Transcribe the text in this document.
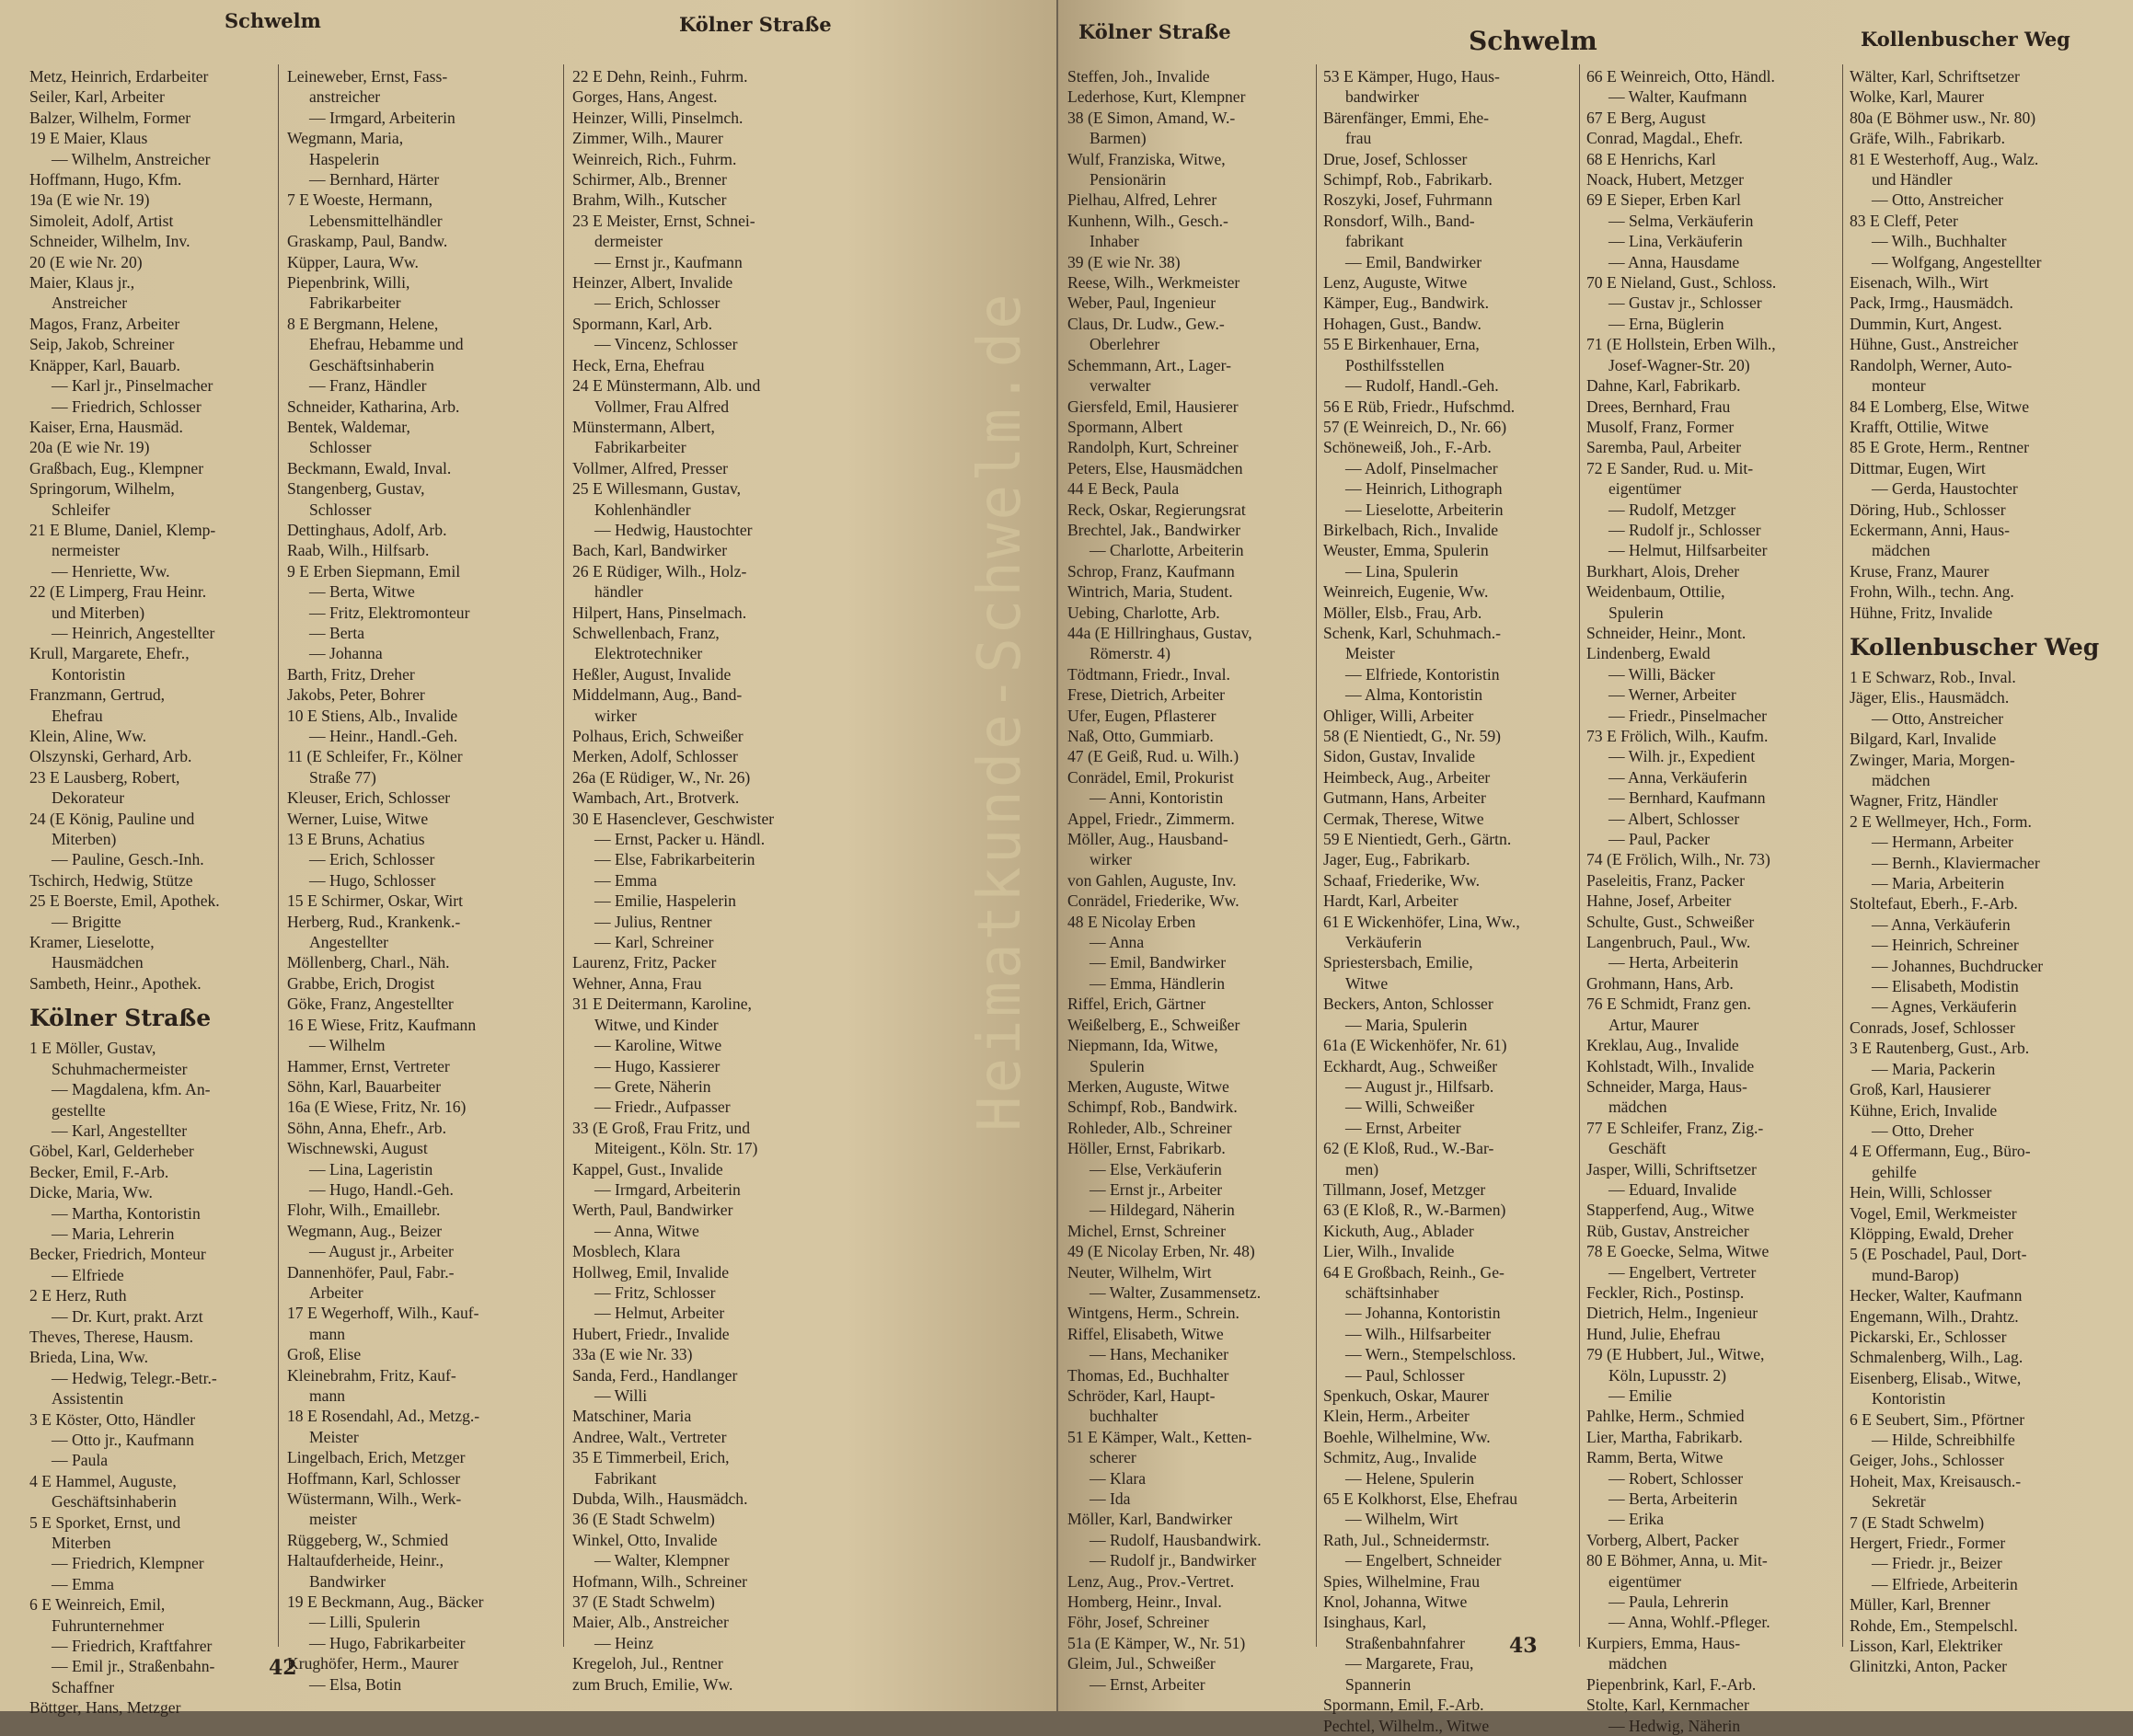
Schwelm	Kölner Straße
Metz, Heinrich, Erdarbeiter
Seiler, Karl, Arbeiter
Balzer, Wilhelm, Former
19 E Maier, Klaus
— Wilhelm, Anstreicher
Hoffmann, Hugo, Kfm.
19a (E wie Nr. 19)
Simoleit, Adolf, Artist
Schneider, Wilhelm, Inv.
20 (E wie Nr. 20)
Maier, Klaus jr.,
Anstreicher
Magos, Franz, Arbeiter
Seip, Jakob, Schreiner
Knäpper, Karl, Bauarb.
— Karl jr., Pinselmacher
— Friedrich, Schlosser
Kaiser, Erna, Hausmäd.
20a (E wie Nr. 19)
Graßbach, Eug., Klempner
Springorum, Wilhelm,
Schleifer
21 E Blume, Daniel, Klemp-
nermeister
— Henriette, Ww.
22 (E Limperg, Frau Heinr.
und Miterben)
— Heinrich, Angestellter
Krull, Margarete, Ehefr.,
Kontoristin
Franzmann, Gertrud,
Ehefrau
Klein, Aline, Ww.
Olszynski, Gerhard, Arb.
23 E Lausberg, Robert,
Dekorateur
24 (E König, Pauline und
Miterben)
— Pauline, Gesch.-Inh.
Tschirch, Hedwig, Stütze
25 E Boerste, Emil, Apothek.
— Brigitte
Kramer, Lieselotte,
Hausmädchen
Sambeth, Heinr., Apothek.
Kölner Straße
1 E Möller, Gustav,
Schuhmachermeister
— Magdalena, kfm. An-
gestellte
— Karl, Angestellter
Göbel, Karl, Gelderheber
Becker, Emil, F.-Arb.
Dicke, Maria, Ww.
— Martha, Kontoristin
— Maria, Lehrerin
Becker, Friedrich, Monteur
— Elfriede
2 E Herz, Ruth
— Dr. Kurt, prakt. Arzt
Theves, Therese, Hausm.
Brieda, Lina, Ww.
— Hedwig, Telegr.-Betr.-
Assistentin
3 E Köster, Otto, Händler
— Otto jr., Kaufmann
— Paula
4 E Hammel, Auguste,
Geschäftsinhaberin
5 E Sporket, Ernst, und
Miterben
— Friedrich, Klempner
— Emma
6 E Weinreich, Emil,
Fuhrunternehmer
— Friedrich, Kraftfahrer
— Emil jr., Straßenbahn-
Schaffner
Böttger, Hans, Metzger
Leineweber, Ernst, Fass-
anstreicher
— Irmgard, Arbeiterin
Wegmann, Maria,
Haspelerin
— Bernhard, Härter
7 E Woeste, Hermann,
Lebensmittelhändler
Graskamp, Paul, Bandw.
Küpper, Laura, Ww.
Piepenbrink, Willi,
Fabrikarbeiter
8 E Bergmann, Helene,
Ehefrau, Hebamme und
Geschäftsinhaberin
— Franz, Händler
Schneider, Katharina, Arb.
Bentek, Waldemar,
Schlosser
Beckmann, Ewald, Inval.
Stangenberg, Gustav,
Schlosser
Dettinghaus, Adolf, Arb.
Raab, Wilh., Hilfsarb.
9 E Erben Siepmann, Emil
— Berta, Witwe
— Fritz, Elektromonteur
— Berta
— Johanna
Barth, Fritz, Dreher
Jakobs, Peter, Bohrer
10 E Stiens, Alb., Invalide
— Heinr., Handl.-Geh.
11 (E Schleifer, Fr., Kölner
Straße 77)
Kleuser, Erich, Schlosser
Werner, Luise, Witwe
13 E Bruns, Achatius
— Erich, Schlosser
— Hugo, Schlosser
15 E Schirmer, Oskar, Wirt
Herberg, Rud., Krankenk.-
Angestellter
Möllenberg, Charl., Näh.
Grabbe, Erich, Drogist
Göke, Franz, Angestellter
16 E Wiese, Fritz, Kaufmann
— Wilhelm
Hammer, Ernst, Vertreter
Söhn, Karl, Bauarbeiter
16a (E Wiese, Fritz, Nr. 16)
Söhn, Anna, Ehefr., Arb.
Wischnewski, August
— Lina, Lageristin
— Hugo, Handl.-Geh.
Flohr, Wilh., Emaillebr.
Wegmann, Aug., Beizer
— August jr., Arbeiter
Dannenhöfer, Paul, Fabr.-
Arbeiter
17 E Wegerhoff, Wilh., Kauf-
mann
Groß, Elise
Kleinebrahm, Fritz, Kauf-
mann
18 E Rosendahl, Ad., Metzg.-
Meister
Lingelbach, Erich, Metzger
Hoffmann, Karl, Schlosser
Wüstermann, Wilh., Werk-
meister
Rüggeberg, W., Schmied
Haltaufderheide, Heinr.,
Bandwirker
19 E Beckmann, Aug., Bäcker
— Lilli, Spulerin
— Hugo, Fabrikarbeiter
Krughöfer, Herm., Maurer
— Elsa, Botin
22 E Dehn, Reinh., Fuhrm.
Gorges, Hans, Angest.
Heinzer, Willi, Pinselmch.
Zimmer, Wilh., Maurer
Weinreich, Rich., Fuhrm.
Schirmer, Alb., Brenner
Brahm, Wilh., Kutscher
23 E Meister, Ernst, Schnei-
dermeister
— Ernst jr., Kaufmann
Heinzer, Albert, Invalide
— Erich, Schlosser
Spormann, Karl, Arb.
— Vincenz, Schlosser
Heck, Erna, Ehefrau
24 E Münstermann, Alb. und
Vollmer, Frau Alfred
Münstermann, Albert,
Fabrikarbeiter
Vollmer, Alfred, Presser
25 E Willesmann, Gustav,
Kohlenhändler
— Hedwig, Haustochter
Bach, Karl, Bandwirker
26 E Rüdiger, Wilh., Holz-
händler
Hilpert, Hans, Pinselmach.
Schwellenbach, Franz,
Elektrotechniker
Heßler, August, Invalide
Middelmann, Aug., Band-
wirker
Polhaus, Erich, Schweißer
Merken, Adolf, Schlosser
26a (E Rüdiger, W., Nr. 26)
Wambach, Art., Brotverk.
30 E Hasenclever, Geschwister
— Ernst, Packer u. Händl.
— Else, Fabrikarbeiterin
— Emma
— Emilie, Haspelerin
— Julius, Rentner
— Karl, Schreiner
Laurenz, Fritz, Packer
Wehner, Anna, Frau
31 E Deitermann, Karoline,
Witwe, und Kinder
— Karoline, Witwe
— Hugo, Kassierer
— Grete, Näherin
— Friedr., Aufpasser
33 (E Groß, Frau Fritz, und
Miteigent., Köln. Str. 17)
Kappel, Gust., Invalide
— Irmgard, Arbeiterin
Werth, Paul, Bandwirker
— Anna, Witwe
Mosblech, Klara
Hollweg, Emil, Invalide
— Fritz, Schlosser
— Helmut, Arbeiter
Hubert, Friedr., Invalide
33a (E wie Nr. 33)
Sanda, Ferd., Handlanger
— Willi
Matschiner, Maria
Andree, Walt., Vertreter
35 E Timmerbeil, Erich,
Fabrikant
Dubda, Wilh., Hausmädch.
36 (E Stadt Schwelm)
Winkel, Otto, Invalide
— Walter, Klempner
Hofmann, Wilh., Schreiner
37 (E Stadt Schwelm)
Maier, Alb., Anstreicher
— Heinz
Kregeloh, Jul., Rentner
zum Bruch, Emilie, Ww.
42
Kölner Straße	Schwelm	Kollenbuscher Weg
Steffen, Joh., Invalide
Lederhose, Kurt, Klempner
38 (E Simon, Amand, W.-
Barmen)
Wulf, Franziska, Witwe,
Pensionärin
Pielhau, Alfred, Lehrer
Kunhenn, Wilh., Gesch.-
Inhaber
39 (E wie Nr. 38)
Reese, Wilh., Werkmeister
Weber, Paul, Ingenieur
Claus, Dr. Ludw., Gew.-
Oberlehrer
Schemmann, Art., Lager-
verwalter
Giersfeld, Emil, Hausierer
Spormann, Albert
Randolph, Kurt, Schreiner
Peters, Else, Hausmädchen
44 E Beck, Paula
Reck, Oskar, Regierungsrat
Brechtel, Jak., Bandwirker
— Charlotte, Arbeiterin
Schrop, Franz, Kaufmann
Wintrich, Maria, Student.
Uebing, Charlotte, Arb.
44a (E Hillringhaus, Gustav,
Römerstr. 4)
Tödtmann, Friedr., Inval.
Frese, Dietrich, Arbeiter
Ufer, Eugen, Pflasterer
Naß, Otto, Gummiarb.
47 (E Geiß, Rud. u. Wilh.)
Conrädel, Emil, Prokurist
— Anni, Kontoristin
Appel, Friedr., Zimmerm.
Möller, Aug., Hausband-
wirker
von Gahlen, Auguste, Inv.
Conrädel, Friederike, Ww.
48 E Nicolay Erben
— Anna
— Emil, Bandwirker
— Emma, Händlerin
Riffel, Erich, Gärtner
Weißelberg, E., Schweißer
Niepmann, Ida, Witwe,
Spulerin
Merken, Auguste, Witwe
Schimpf, Rob., Bandwirk.
Rohleder, Alb., Schreiner
Höller, Ernst, Fabrikarb.
— Else, Verkäuferin
— Ernst jr., Arbeiter
— Hildegard, Näherin
Michel, Ernst, Schreiner
49 (E Nicolay Erben, Nr. 48)
Neuter, Wilhelm, Wirt
— Walter, Zusammensetz.
Wintgens, Herm., Schrein.
Riffel, Elisabeth, Witwe
— Hans, Mechaniker
Thomas, Ed., Buchhalter
Schröder, Karl, Haupt-
buchhalter
51 E Kämper, Walt., Ketten-
scherer
— Klara
— Ida
Möller, Karl, Bandwirker
— Rudolf, Hausbandwirk.
— Rudolf jr., Bandwirker
Lenz, Aug., Prov.-Vertret.
Homberg, Heinr., Inval.
Föhr, Josef, Schreiner
51a (E Kämper, W., Nr. 51)
Gleim, Jul., Schweißer
— Ernst, Arbeiter
53 E Kämper, Hugo, Haus-
bandwirker
Bärenfänger, Emmi, Ehe-
frau
Drue, Josef, Schlosser
Schimpf, Rob., Fabrikarb.
Roszyki, Josef, Fuhrmann
Ronsdorf, Wilh., Band-
fabrikant
— Emil, Bandwirker
Lenz, Auguste, Witwe
Kämper, Eug., Bandwirk.
Hohagen, Gust., Bandw.
55 E Birkenhauer, Erna,
Posthilfsstellen
— Rudolf, Handl.-Geh.
56 E Rüb, Friedr., Hufschmd.
57 (E Weinreich, D., Nr. 66)
Schöneweiß, Joh., F.-Arb.
— Adolf, Pinselmacher
— Heinrich, Lithograph
— Lieselotte, Arbeiterin
Birkelbach, Rich., Invalide
Weuster, Emma, Spulerin
— Lina, Spulerin
Weinreich, Eugenie, Ww.
Möller, Elsb., Frau, Arb.
Schenk, Karl, Schuhmach.-
Meister
— Elfriede, Kontoristin
— Alma, Kontoristin
Ohliger, Willi, Arbeiter
58 (E Nientiedt, G., Nr. 59)
Sidon, Gustav, Invalide
Heimbeck, Aug., Arbeiter
Gutmann, Hans, Arbeiter
Cermak, Therese, Witwe
59 E Nientiedt, Gerh., Gärtn.
Jager, Eug., Fabrikarb.
Schaaf, Friederike, Ww.
Hardt, Karl, Arbeiter
61 E Wickenhöfer, Lina, Ww.,
Verkäuferin
Spriestersbach, Emilie,
Witwe
Beckers, Anton, Schlosser
— Maria, Spulerin
61a (E Wickenhöfer, Nr. 61)
Eckhardt, Aug., Schweißer
— August jr., Hilfsarb.
— Willi, Schweißer
— Ernst, Arbeiter
62 (E Kloß, Rud., W.-Bar-
men)
Tillmann, Josef, Metzger
63 (E Kloß, R., W.-Barmen)
Kickuth, Aug., Ablader
Lier, Wilh., Invalide
64 E Großbach, Reinh., Ge-
schäftsinhaber
— Johanna, Kontoristin
— Wilh., Hilfsarbeiter
— Wern., Stempelschloss.
— Paul, Schlosser
Spenkuch, Oskar, Maurer
Klein, Herm., Arbeiter
Boehle, Wilhelmine, Ww.
Schmitz, Aug., Invalide
— Helene, Spulerin
65 E Kolkhorst, Else, Ehefrau
— Wilhelm, Wirt
Rath, Jul., Schneidermstr.
— Engelbert, Schneider
Spies, Wilhelmine, Frau
Knol, Johanna, Witwe
Isinghaus, Karl,
Straßenbahnfahrer
— Margarete, Frau,
Spannerin
Spormann, Emil, F.-Arb.
Pechtel, Wilhelm., Witwe
66 E Weinreich, Otto, Händl.
— Walter, Kaufmann
67 E Berg, August
Conrad, Magdal., Ehefr.
68 E Henrichs, Karl
Noack, Hubert, Metzger
69 E Sieper, Erben Karl
— Selma, Verkäuferin
— Lina, Verkäuferin
— Anna, Hausdame
70 E Nieland, Gust., Schloss.
— Gustav jr., Schlosser
— Erna, Büglerin
71 (E Hollstein, Erben Wilh.,
Josef-Wagner-Str. 20)
Dahne, Karl, Fabrikarb.
Drees, Bernhard, Frau
Musolf, Franz, Former
Saremba, Paul, Arbeiter
72 E Sander, Rud. u. Mit-
eigentümer
— Rudolf, Metzger
— Rudolf jr., Schlosser
— Helmut, Hilfsarbeiter
Burkhart, Alois, Dreher
Weidenbaum, Ottilie,
Spulerin
Schneider, Heinr., Mont.
Lindenberg, Ewald
— Willi, Bäcker
— Werner, Arbeiter
— Friedr., Pinselmacher
73 E Frölich, Wilh., Kaufm.
— Wilh. jr., Expedient
— Anna, Verkäuferin
— Bernhard, Kaufmann
— Albert, Schlosser
— Paul, Packer
74 (E Frölich, Wilh., Nr. 73)
Paseleitis, Franz, Packer
Hahne, Josef, Arbeiter
Schulte, Gust., Schweißer
Langenbruch, Paul., Ww.
— Herta, Arbeiterin
Grohmann, Hans, Arb.
76 E Schmidt, Franz gen.
Artur, Maurer
Kreklau, Aug., Invalide
Kohlstadt, Wilh., Invalide
Schneider, Marga, Haus-
mädchen
77 E Schleifer, Franz, Zig.-
Geschäft
Jasper, Willi, Schriftsetzer
— Eduard, Invalide
Stapperfend, Aug., Witwe
Rüb, Gustav, Anstreicher
78 E Goecke, Selma, Witwe
— Engelbert, Vertreter
Feckler, Rich., Postinsp.
Dietrich, Helm., Ingenieur
Hund, Julie, Ehefrau
79 (E Hubbert, Jul., Witwe,
Köln, Lupusstr. 2)
— Emilie
Pahlke, Herm., Schmied
Lier, Martha, Fabrikarb.
Ramm, Berta, Witwe
— Robert, Schlosser
— Berta, Arbeiterin
— Erika
Vorberg, Albert, Packer
80 E Böhmer, Anna, u. Mit-
eigentümer
— Paula, Lehrerin
— Anna, Wohlf.-Pfleger.
Kurpiers, Emma, Haus-
mädchen
Piepenbrink, Karl, F.-Arb.
Stolte, Karl, Kernmacher
— Hedwig, Näherin
Wälter, Karl, Schriftsetzer
Wolke, Karl, Maurer
80a (E Böhmer usw., Nr. 80)
Gräfe, Wilh., Fabrikarb.
81 E Westerhoff, Aug., Walz.
und Händler
— Otto, Anstreicher
83 E Cleff, Peter
— Wilh., Buchhalter
— Wolfgang, Angestellter
Eisenach, Wilh., Wirt
Pack, Irmg., Hausmädch.
Dummin, Kurt, Angest.
Hühne, Gust., Anstreicher
Randolph, Werner, Auto-
monteur
84 E Lomberg, Else, Witwe
Krafft, Ottilie, Witwe
85 E Grote, Herm., Rentner
Dittmar, Eugen, Wirt
— Gerda, Haustochter
Döring, Hub., Schlosser
Eckermann, Anni, Haus-
mädchen
Kruse, Franz, Maurer
Frohn, Wilh., techn. Ang.
Hühne, Fritz, Invalide
Kollenbuscher Weg
1 E Schwarz, Rob., Inval.
Jäger, Elis., Hausmädch.
— Otto, Anstreicher
Bilgard, Karl, Invalide
Zwinger, Maria, Morgen-
mädchen
Wagner, Fritz, Händler
2 E Wellmeyer, Hch., Form.
— Hermann, Arbeiter
— Bernh., Klaviermacher
— Maria, Arbeiterin
Stoltefaut, Eberh., F.-Arb.
— Anna, Verkäuferin
— Heinrich, Schreiner
— Johannes, Buchdrucker
— Elisabeth, Modistin
— Agnes, Verkäuferin
Conrads, Josef, Schlosser
3 E Rautenberg, Gust., Arb.
— Maria, Packerin
Groß, Karl, Hausierer
Kühne, Erich, Invalide
— Otto, Dreher
4 E Offermann, Eug., Büro-
gehilfe
Hein, Willi, Schlosser
Vogel, Emil, Werkmeister
Klöpping, Ewald, Dreher
5 (E Poschadel, Paul, Dort-
mund-Barop)
Hecker, Walter, Kaufmann
Engemann, Wilh., Drahtz.
Pickarski, Er., Schlosser
Schmalenberg, Wilh., Lag.
Eisenberg, Elisab., Witwe,
Kontoristin
6 E Seubert, Sim., Pförtner
— Hilde, Schreibhilfe
Geiger, Johs., Schlosser
Hoheit, Max, Kreisausch.-
Sekretär
7 (E Stadt Schwelm)
Hergert, Friedr., Former
— Friedr. jr., Beizer
— Elfriede, Arbeiterin
Müller, Karl, Brenner
Rohde, Em., Stempelschl.
Lisson, Karl, Elektriker
Glinitzki, Anton, Packer
43
Heimatkunde-Schwelm.de
